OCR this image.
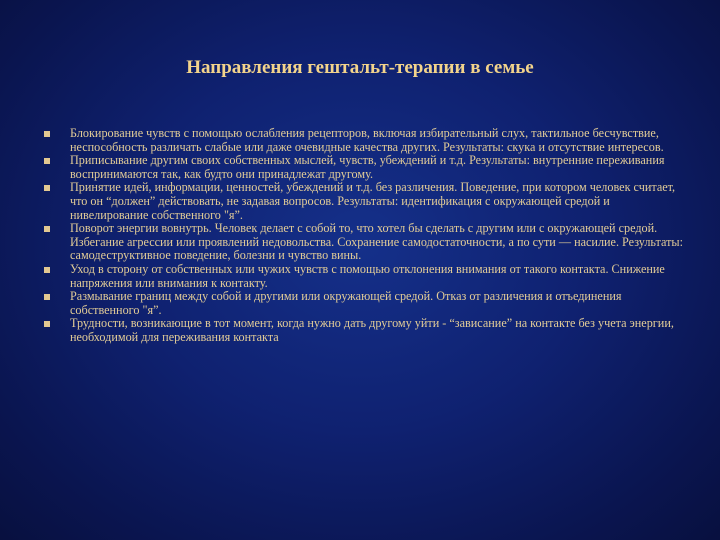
Направления гештальт-терапии в семье
Блокирование чувств с помощью ослабления рецепторов, включая избирательный слух, тактильное бесчувствие, неспособность различать слабые или даже очевидные качества других. Результаты: скука и отсутствие интересов.
Приписывание другим своих собственных мыслей, чувств, убеждений и т.д. Результаты: внутренние переживания воспринимаются так, как будто они принадлежат другому.
Принятие идей, информации, ценностей, убеждений и т.д. без различения. Поведение, при котором человек считает, что он “должен” действовать, не задавая вопросов. Результаты: идентификация с окружающей средой и нивелирование собственного "я”.
Поворот энергии вовнутрь. Человек делает с собой то, что хотел бы сделать с другим или с окружающей средой. Избегание агрессии или проявлений недовольства. Сохранение самодостаточности, а по сути — насилие. Результаты: самодеструктивное поведение, болезни и чувство вины.
Уход в сторону от собственных или чужих чувств с помощью отклонения внимания от такого контакта. Снижение напряжения или внимания к контакту.
Размывание границ между собой и другими или окружающей средой. Отказ от различения и отъединения собственного "я”.
Трудности, возникающие в тот момент, когда нужно дать другому уйти - “зависание” на контакте без учета энергии, необходимой для переживания контакта
